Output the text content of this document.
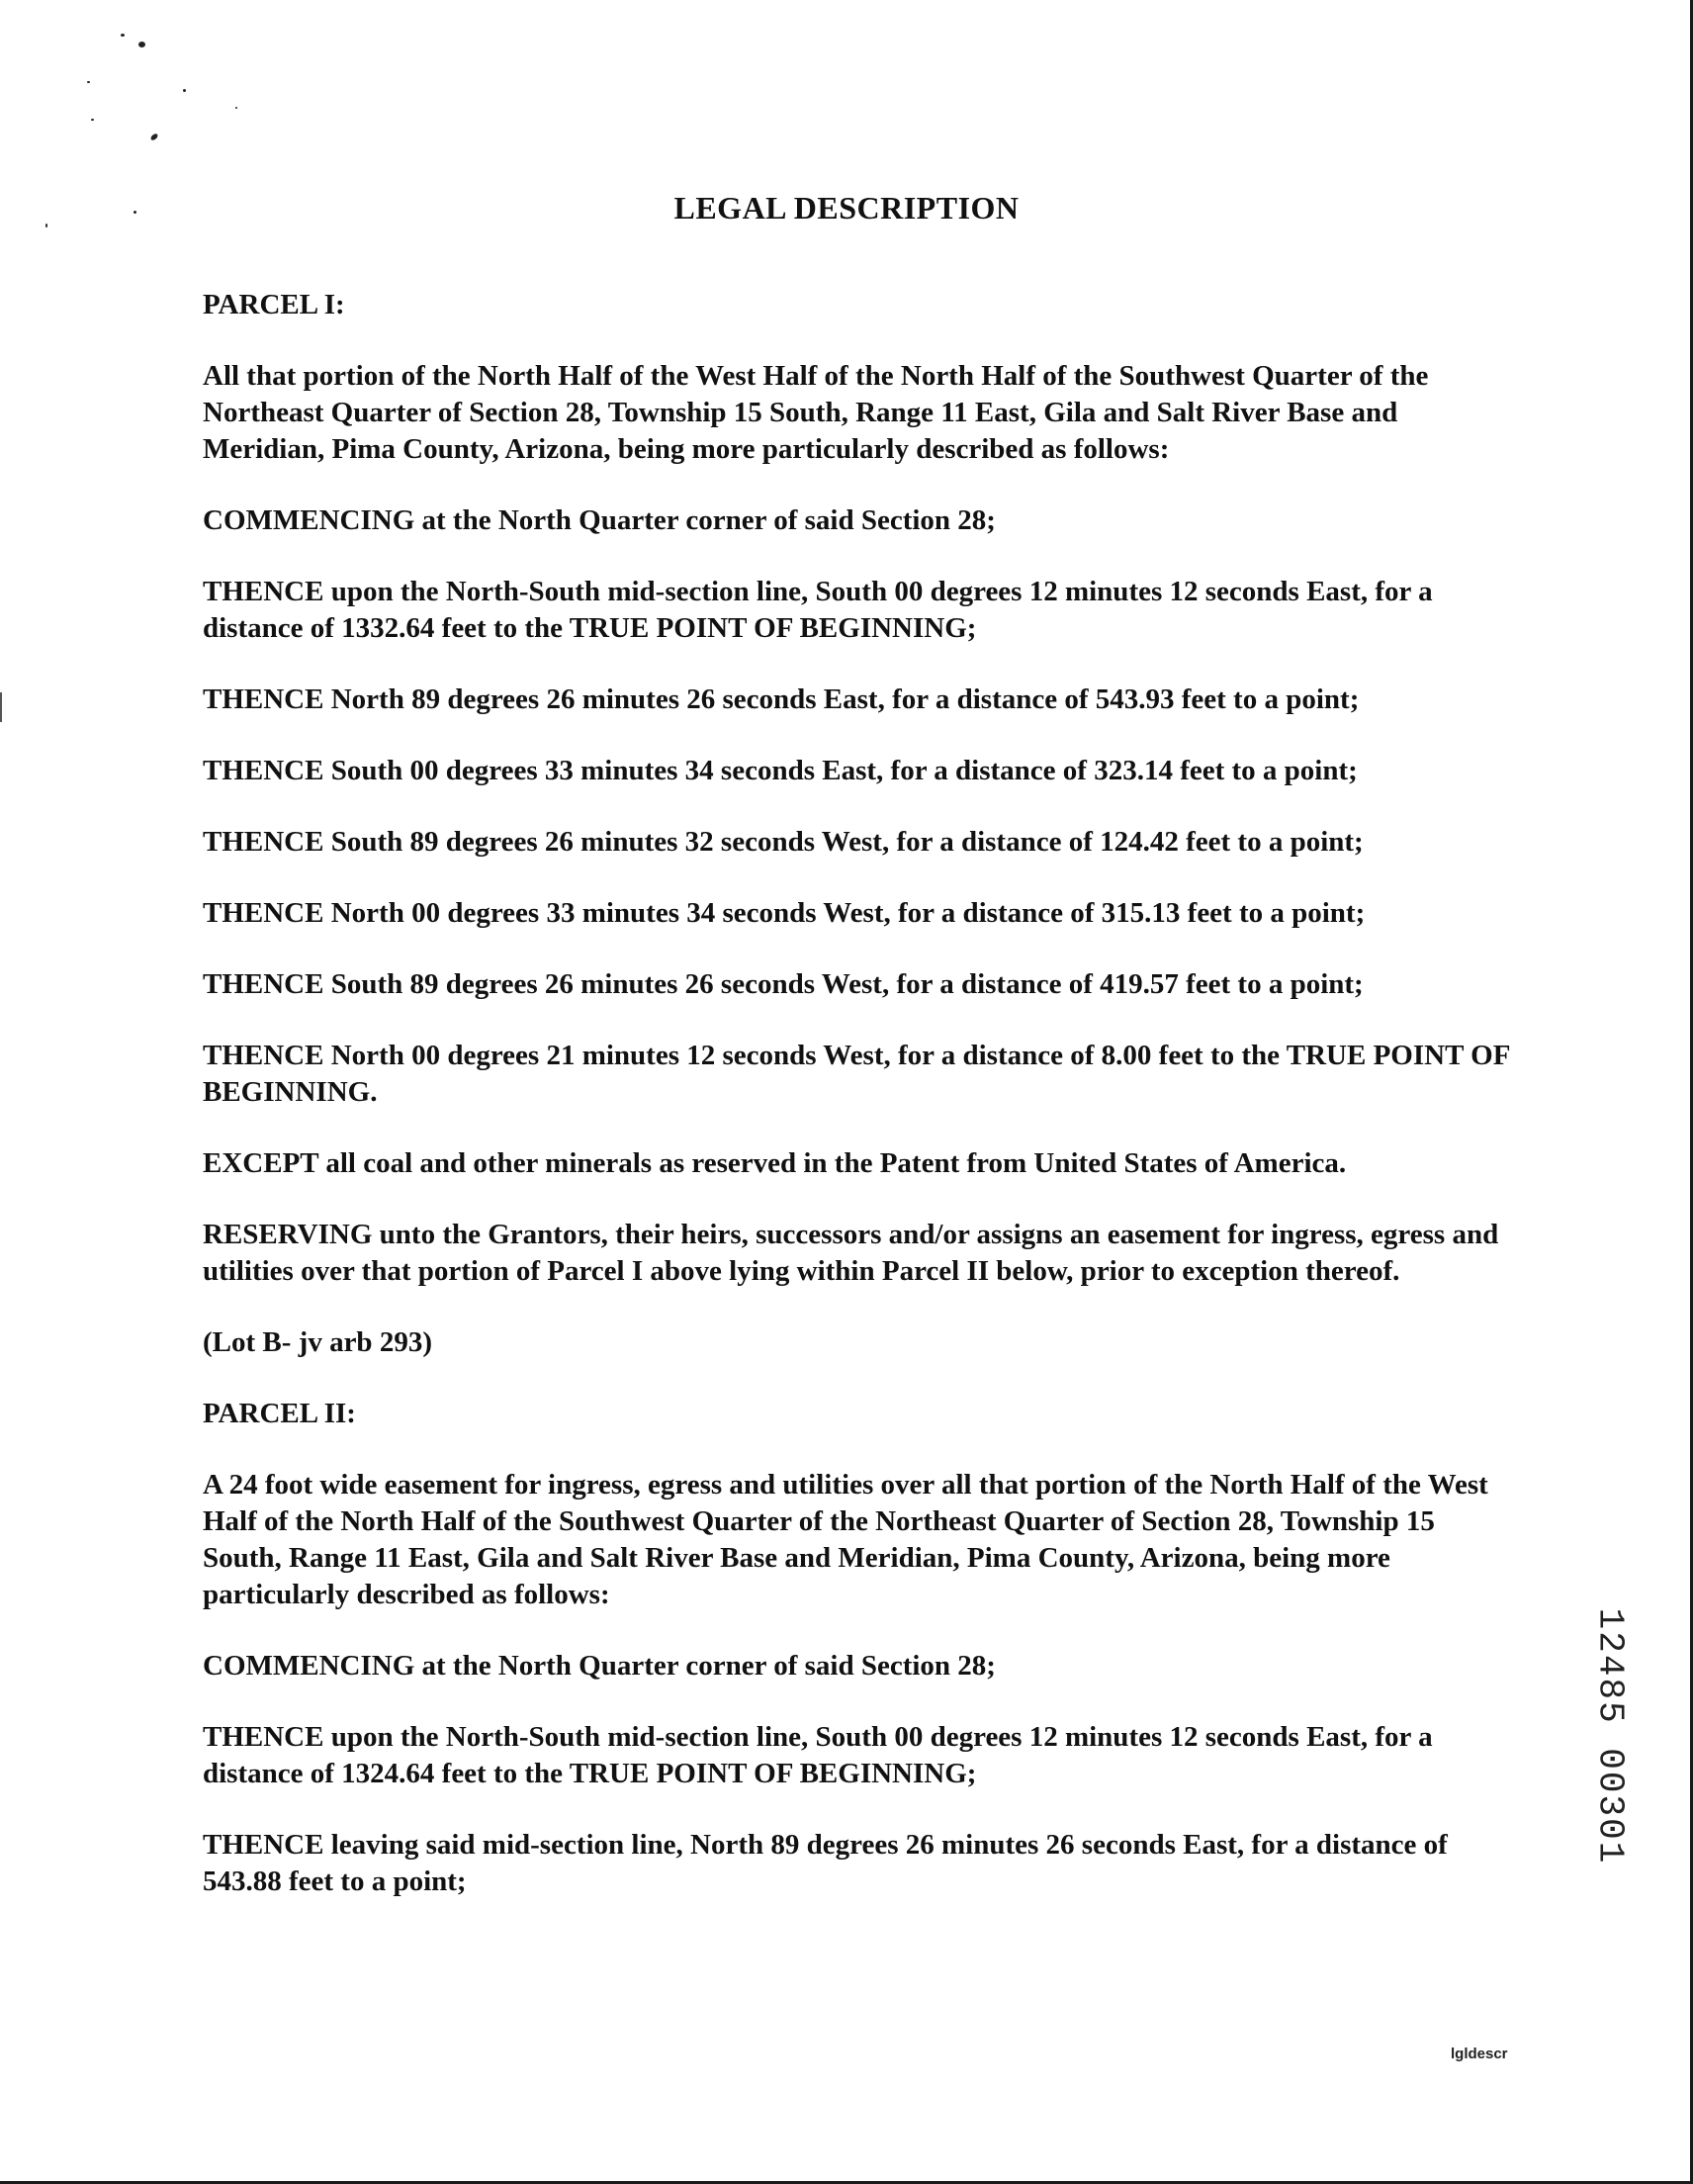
LEGAL DESCRIPTION

PARCEL I:

All that portion of the North Half of the West Half of the North Half of the Southwest Quarter of the Northeast Quarter of Section 28, Township 15 South, Range 11 East, Gila and Salt River Base and Meridian, Pima County, Arizona, being more particularly described as follows:

COMMENCING at the North Quarter corner of said Section 28;

THENCE upon the North-South mid-section line, South 00 degrees 12 minutes 12 seconds East, for a distance of 1332.64 feet to the TRUE POINT OF BEGINNING;

THENCE North 89 degrees 26 minutes 26 seconds East, for a distance of 543.93 feet to a point;

THENCE South 00 degrees 33 minutes 34 seconds East, for a distance of 323.14 feet to a point;

THENCE South 89 degrees 26 minutes 32 seconds West, for a distance of 124.42 feet to a point;

THENCE North 00 degrees 33 minutes 34 seconds West, for a distance of 315.13 feet to a point;

THENCE South 89 degrees 26 minutes 26 seconds West, for a distance of 419.57 feet to a point;

THENCE North 00 degrees 21 minutes 12 seconds West, for a distance of 8.00 feet to the TRUE POINT OF BEGINNING.

EXCEPT all coal and other minerals as reserved in the Patent from United States of America.

RESERVING unto the Grantors, their heirs, successors and/or assigns an easement for ingress, egress and utilities over that portion of Parcel I above lying within Parcel II below, prior to exception thereof.

(Lot B- jv arb 293)

PARCEL II:

A 24 foot wide easement for ingress, egress and utilities over all that portion of the North Half of the West Half of the North Half of the Southwest Quarter of the Northeast Quarter of Section 28, Township 15 South, Range 11 East, Gila and Salt River Base and Meridian, Pima County, Arizona, being more particularly described as follows:

COMMENCING at the North Quarter corner of said Section 28;

THENCE upon the North-South mid-section line, South 00 degrees 12 minutes 12 seconds East, for a distance of 1324.64 feet to the TRUE POINT OF BEGINNING;

THENCE leaving said mid-section line, North 89 degrees 26 minutes 26 seconds East, for a distance of 543.88 feet to a point;

12485 00301
lgldescr
